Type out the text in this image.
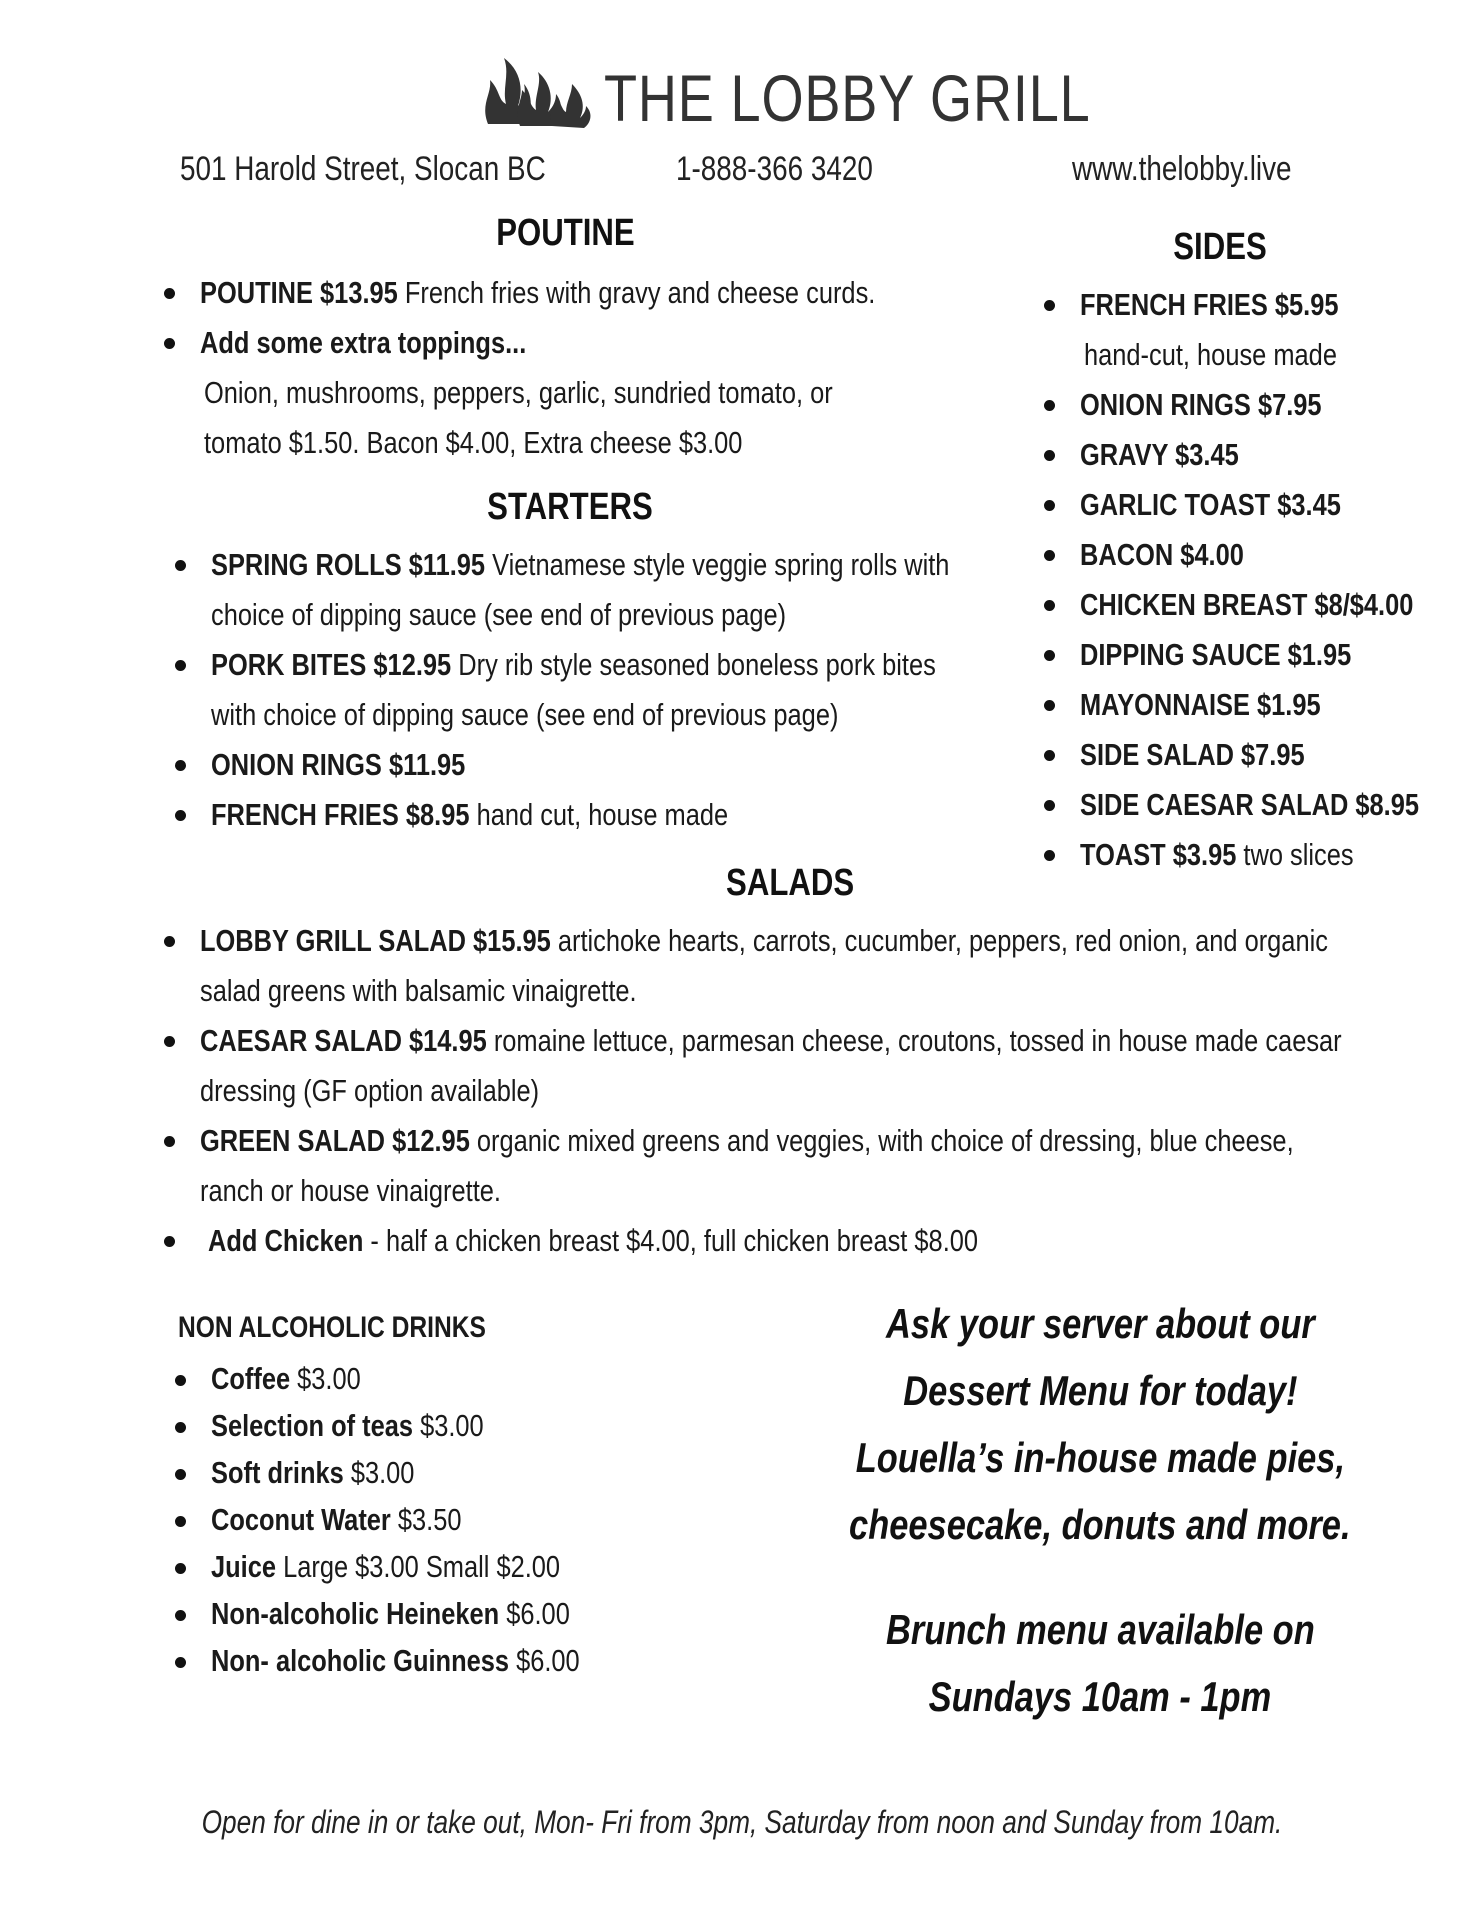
THE LOBBY GRILL
501 Harold Street, Slocan BC	1-888-366 3420	www.thelobby.live
POUTINE
POUTINE $13.95 French fries with gravy and cheese curds.
Add some extra toppings...
Onion, mushrooms, peppers, garlic, sundried tomato, or
tomato $1.50. Bacon $4.00, Extra cheese $3.00
STARTERS
SPRING ROLLS $11.95 Vietnamese style veggie spring rolls with
choice of dipping sauce (see end of previous page)
PORK BITES $12.95 Dry rib style seasoned boneless pork bites
with choice of dipping sauce (see end of previous page)
ONION RINGS $11.95
FRENCH FRIES $8.95 hand cut, house made
SIDES
FRENCH FRIES $5.95
hand-cut, house made
ONION RINGS $7.95
GRAVY $3.45
GARLIC TOAST $3.45
BACON $4.00
CHICKEN BREAST $8/$4.00
DIPPING SAUCE $1.95
MAYONNAISE $1.95
SIDE SALAD $7.95
SIDE CAESAR SALAD $8.95
TOAST $3.95 two slices
SALADS
LOBBY GRILL SALAD $15.95 artichoke hearts, carrots, cucumber, peppers, red onion, and organic
salad greens with balsamic vinaigrette.
CAESAR SALAD $14.95 romaine lettuce, parmesan cheese, croutons, tossed in house made caesar
dressing (GF option available)
GREEN SALAD $12.95 organic mixed greens and veggies, with choice of dressing, blue cheese,
ranch or house vinaigrette.
Add Chicken - half a chicken breast $4.00, full chicken breast $8.00
NON ALCOHOLIC DRINKS
Coffee $3.00
Selection of teas $3.00
Soft drinks $3.00
Coconut Water $3.50
Juice Large $3.00 Small $2.00
Non-alcoholic Heineken $6.00
Non- alcoholic Guinness $6.00
Ask your server about our
Dessert Menu for today!
Louella’s in-house made pies,
cheesecake, donuts and more.
Brunch menu available on
Sundays 10am - 1pm
Open for dine in or take out, Mon- Fri from 3pm, Saturday from noon and Sunday from 10am.
